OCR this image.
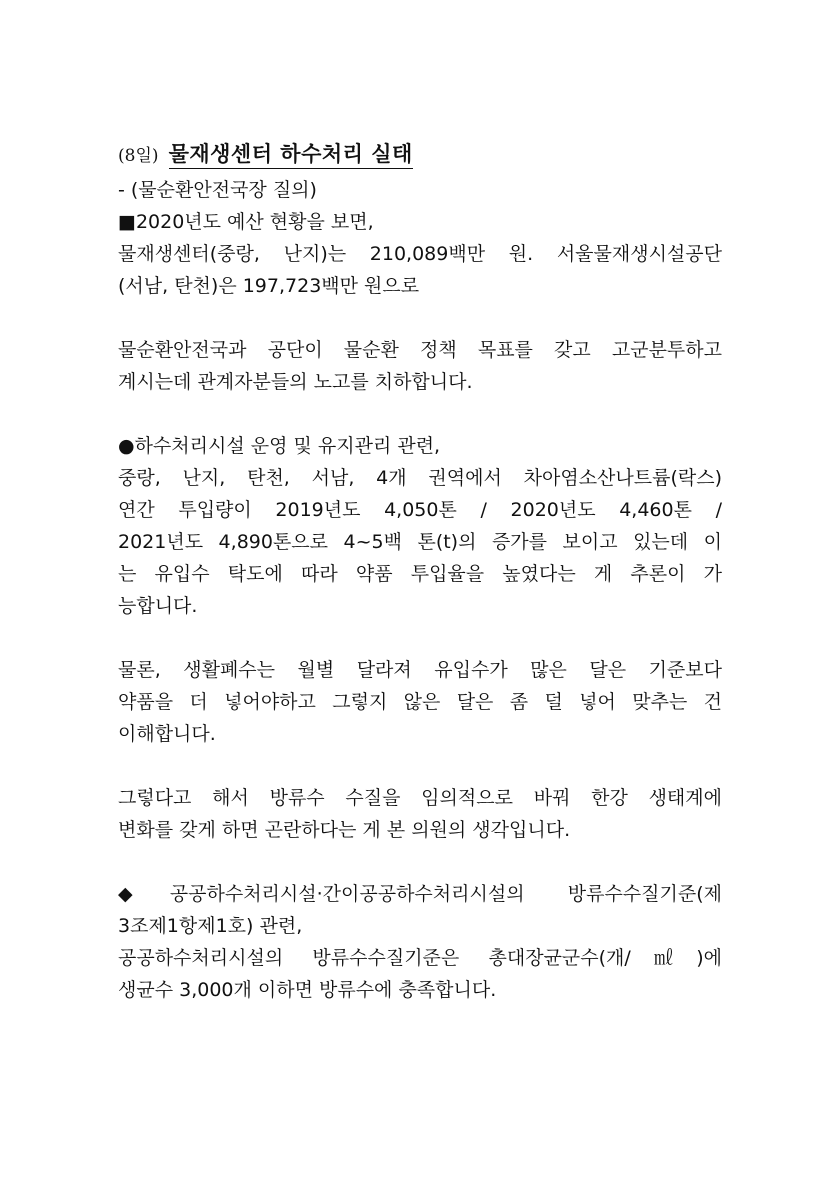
(8일) 물재생센터 하수처리 실태
- (물순환안전국장 질의)
■2020년도 예산 현황을 보면,
물재생센터(중랑, 난지)는 210,089백만 원. 서울물재생시설공단
(서남, 탄천)은 197,723백만 원으로
물순환안전국과 공단이 물순환 정책 목표를 갖고 고군분투하고
계시는데 관계자분들의 노고를 치하합니다.
●하수처리시설 운영 및 유지관리 관련,
중랑, 난지, 탄천, 서남, 4개 권역에서 차아염소산나트륨(락스)
연간 투입량이 2019년도 4,050톤 / 2020년도 4,460톤 /
2021년도 4,890톤으로 4~5백 톤(t)의 증가를 보이고 있는데 이
는 유입수 탁도에 따라 약품 투입율을 높였다는 게 추론이 가
능합니다.
물론, 생활폐수는 월별 달라져 유입수가 많은 달은 기준보다
약품을 더 넣어야하고 그렇지 않은 달은 좀 덜 넣어 맞추는 건
이해합니다.
그렇다고 해서 방류수 수질을 임의적으로 바꿔 한강 생태계에
변화를 갖게 하면 곤란하다는 게 본 의원의 생각입니다.
◆공공하수처리시설·간이공공하수처리시설의 방류수수질기준(제
3조제1항제1호) 관련,
공공하수처리시설의 방류수수질기준은 총대장균군수(개/㎖)에
생균수 3,000개 이하면 방류수에 충족합니다.
